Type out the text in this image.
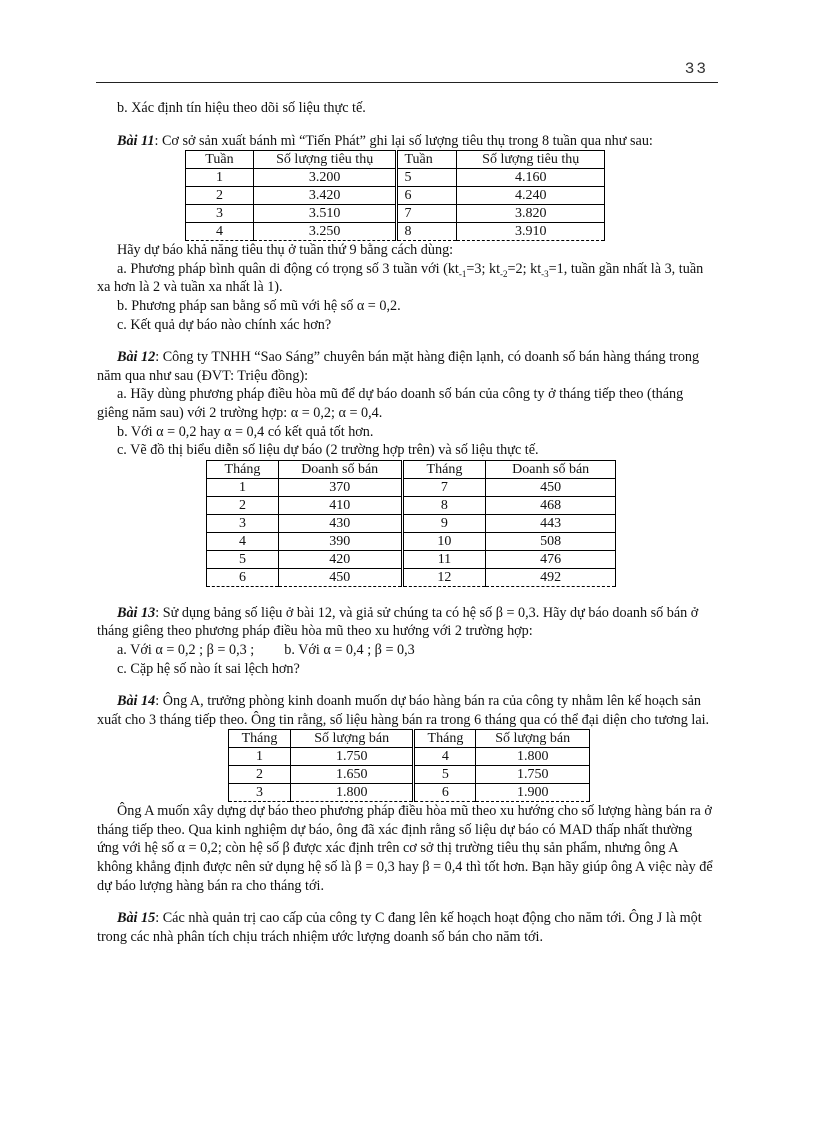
33

b. Xác định tín hiệu theo dõi số liệu thực tế.

Bài 11: Cơ sở sản xuất bánh mì “Tiến Phát” ghi lại số lượng tiêu thụ trong 8 tuần qua như sau:

Tuần	Số lượng tiêu thụ	Tuần	Số lượng tiêu thụ
1	3.200	5	4.160
2	3.420	6	4.240
3	3.510	7	3.820
4	3.250	8	3.910

Hãy dự báo khả năng tiêu thụ ở tuần thứ 9 bằng cách dùng:

a. Phương pháp bình quân di động có trọng số 3 tuần với ($kt_{-1}=3$; $kt_{-2}=2$; $kt_{-3}=1$, tuần gần nhất là 3, tuần xa hơn là 2 và tuần xa nhất là 1).

b. Phương pháp san bằng số mũ với hệ số α = 0,2.

c. Kết quả dự báo nào chính xác hơn?

Bài 12: Công ty TNHH “Sao Sáng” chuyên bán mặt hàng điện lạnh, có doanh số bán hàng tháng trong năm qua như sau (ĐVT: Triệu đồng):

a. Hãy dùng phương pháp điều hòa mũ để dự báo doanh số bán của công ty ở tháng tiếp theo (tháng giêng năm sau) với 2 trường hợp: α = 0,2; α = 0,4.

b. Với α = 0,2 hay α = 0,4 có kết quả tốt hơn.

c. Vẽ đồ thị biểu diễn số liệu dự báo (2 trường hợp trên) và số liệu thực tế.

Tháng	Doanh số bán	Tháng	Doanh số bán
1	370	7	450
2	410	8	468
3	430	9	443
4	390	10	508
5	420	11	476
6	450	12	492

Bài 13: Sử dụng bảng số liệu ở bài 12, và giả sử chúng ta có hệ số β = 0,3. Hãy dự báo doanh số bán ở tháng giêng theo phương pháp điều hòa mũ theo xu hướng với 2 trường hợp:

a. Với α = 0,2 ; β = 0,3 ; b. Với α = 0,4 ; β = 0,3

c. Cặp hệ số nào ít sai lệch hơn?

Bài 14: Ông A, trưởng phòng kinh doanh muốn dự báo hàng bán ra của công ty nhằm lên kế hoạch sản xuất cho 3 tháng tiếp theo. Ông tin rằng, số liệu hàng bán ra trong 6 tháng qua có thể đại diện cho tương lai.

Tháng	Số lượng bán	Tháng	Số lượng bán
1	1.750	4	1.800
2	1.650	5	1.750
3	1.800	6	1.900

Ông A muốn xây dựng dự báo theo phương pháp điều hòa mũ theo xu hướng cho số lượng hàng bán ra ở tháng tiếp theo. Qua kinh nghiệm dự báo, ông đã xác định rằng số liệu dự báo có MAD thấp nhất thường ứng với hệ số α = 0,2; còn hệ số β được xác định trên cơ sở thị trường tiêu thụ sản phẩm, nhưng ông A không khẳng định được nên sử dụng hệ số là β = 0,3 hay β = 0,4 thì tốt hơn. Bạn hãy giúp ông A việc này để dự báo lượng hàng bán ra cho tháng tới.

Bài 15: Các nhà quản trị cao cấp của công ty C đang lên kế hoạch hoạt động cho năm tới. Ông J là một trong các nhà phân tích chịu trách nhiệm ước lượng doanh số bán cho năm tới.
